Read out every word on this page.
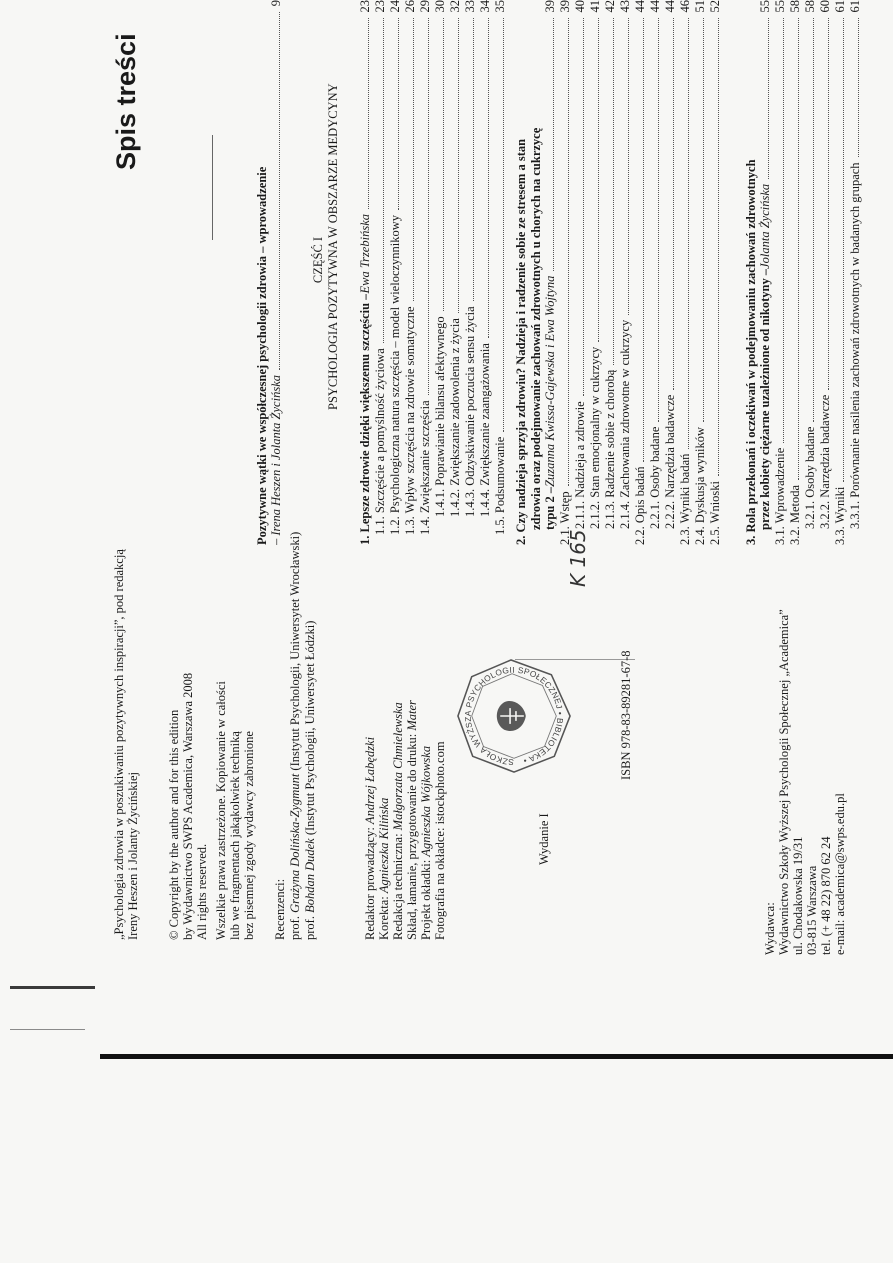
„Psychologia zdrowia w poszukiwaniu pozytywnych inspiracji”, pod redakcją Ireny Heszen i Jolanty Życińskiej © Copyright by the author and for this edition by Wydawnictwo SWPS Academica, Warszawa 2008 All rights reserved. Wszelkie prawa zastrzeżone. Kopiowanie w całości lub we fragmentach jakąkolwiek techniką bez pisemnej zgody wydawcy zabronione Recenzenci: prof. Grażyna Dolińska-Zygmunt (Instytut Psychologii, Uniwersytet Wrocławski)
prof. Bohdan Dudek (Instytut Psychologii, Uniwersytet Łódzki)
Redaktor prowadzący: Andrzej Łabędzki
Korekta: Agnieszka Kilińska Redakcja techniczna: Małgorzata Chmielewska Skład, łamanie, przygotowanie do druku: Mater
Projekt okładki: Agnieszka Wójkowska Fotografia na okładce: istockphoto.com	SZKOŁA WYŻSZA PSYCHOLOGII SPOŁECZNEJ • BIBLIOTEKA •
K 165
Wydanie I
ISBN 978-83-89281-67-8
Wydawca: Wydawnictwo Szkoły Wyższej Psychologii Społecznej „Academica” ul. Chodakowska 19/31 03-815 Warszawa tel. (+ 48 22) 870 62 24 e-mail: academica@swps.edu.pl
Spis treści
Pozytywne wątki we współczesnej psychologii zdrowia – wprowadzenie – Irena Heszen i Jolanta Życińska
9
CZĘŚĆ I PSYCHOLOGIA POZYTYWNA W OBSZARZE MEDYCYNY
1. Lepsze zdrowie dzięki większemu szczęściu –
Ewa Trzebińska
23
1.1. Szczęście a pomyślność życiowa
23
1.2. Psychologiczna natura szczęścia – model wieloczynnikowy
24
1.3. Wpływ szczęścia na zdrowie somatyczne
26
1.4. Zwiększanie szczęścia
29
1.4.1. Poprawianie bilansu afektywnego
30
1.4.2. Zwiększanie zadowolenia z życia
32
1.4.3. Odzyskiwanie poczucia sensu życia
33
1.4.4. Zwiększanie zaangażowania
34
1.5. Podsumowanie
35
2. Czy nadzieja sprzyja zdrowiu? Nadzieja i radzenie sobie ze stresem a stan zdrowia oraz podejmowanie zachowań zdrowotnych u chorych na cukrzycę typu 2 –
Zuzanna Kwissa-Gajewska i Ewa Wojtyna
39
2.1. Wstęp
39
2.1.1. Nadzieja a zdrowie
40
2.1.2. Stan emocjonalny w cukrzycy
41
2.1.3. Radzenie sobie z chorobą
42
2.1.4. Zachowania zdrowotne w cukrzycy
43
2.2. Opis badań
44
2.2.1. Osoby badane
44
2.2.2. Narzędzia badawcze
44
2.3. Wyniki badań
46
2.4. Dyskusja wyników
51
2.5. Wnioski
52
3. Rola przekonań i oczekiwań w podejmowaniu zachowań zdrowotnych przez kobiety ciężarne uzależnione od nikotyny –
Jolanta Życińska
55
3.1. Wprowadzenie
55
3.2. Metoda
58
3.2.1. Osoby badane
58
3.2.2. Narzędzia badawcze
60
3.3. Wyniki
61
3.3.1. Porównanie nasilenia zachowań zdrowotnych w badanych grupach
61
